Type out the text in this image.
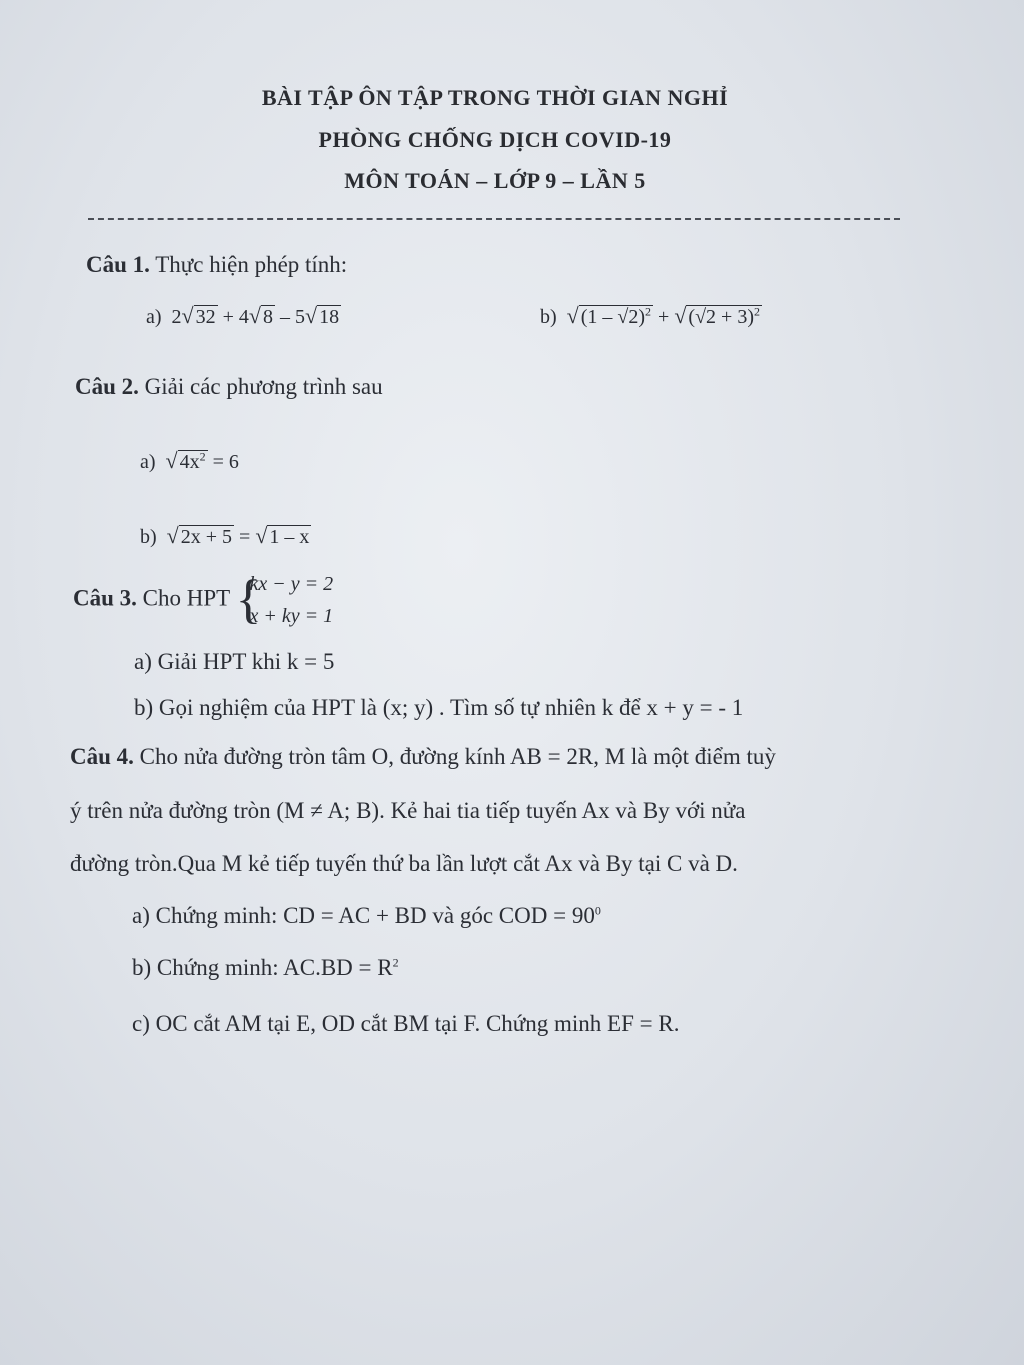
BÀI TẬP ÔN TẬP TRONG THỜI GIAN NGHỈ
PHÒNG CHỐNG DỊCH COVID-19
MÔN TOÁN – LỚP 9 – LẦN 5
Câu 1. Thực hiện phép tính:
a)  2√ 32 + 4√ 8 – 5√ 18	b) √ (1 – √2)$^2$ + √ $(√2 + 3)^2$
Câu 2. Giải các phương trình sau
a) √ $4x^2 = 6$
b) √ 2x + 5 = √ 1 – x
Câu 3. Cho HPT {
kx − y = 2
x + ky = 1
a) Giải HPT khi k = 5
b) Gọi nghiệm của HPT là (x; y) . Tìm số tự nhiên k để x + y = - 1
Câu 4. Cho nửa đường tròn tâm O, đường kính AB = 2R, M là một điểm tuỳ
ý trên nửa đường tròn (M ≠ A; B). Kẻ hai tia tiếp tuyến Ax và By với nửa
đường tròn.Qua M kẻ tiếp tuyến thứ ba lần lượt cắt Ax và By tại C và D.
a) Chứng minh: CD = AC + BD và góc COD = $90^0$
b) Chứng minh: $AC.BD = R^2$
c) OC cắt AM tại E, OD cắt BM tại F. Chứng minh EF = R.
